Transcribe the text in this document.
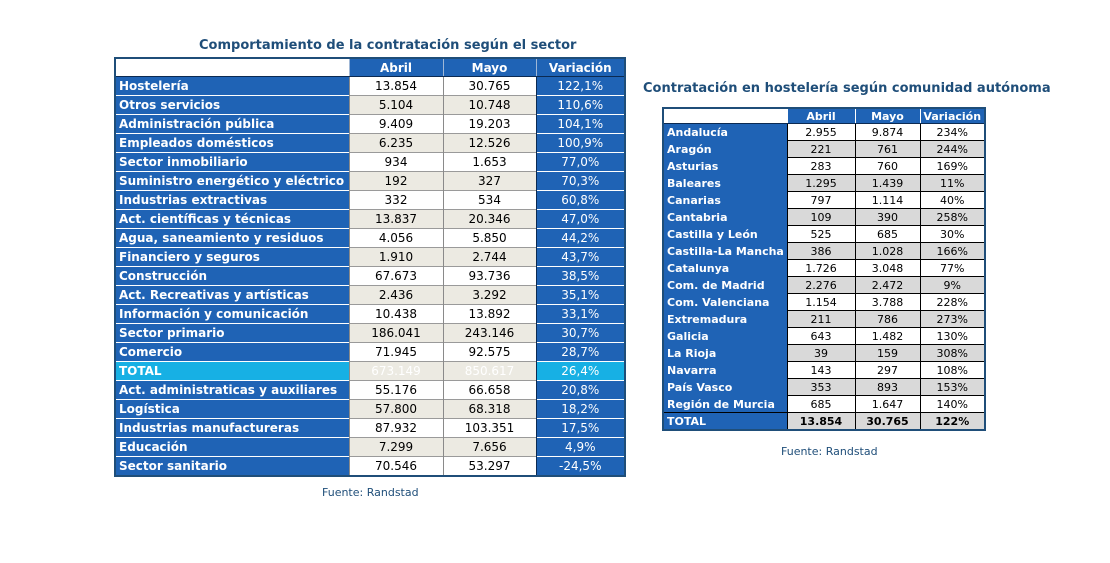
Comportamiento de la contratación según el sector
	Abril	Mayo	Variación
Hostelería	13.854	30.765	122,1%
Otros servicios	5.104	10.748	110,6%
Administración pública	9.409	19.203	104,1%
Empleados domésticos	6.235	12.526	100,9%
Sector inmobiliario	934	1.653	77,0%
Suministro energético y eléctrico	192	327	70,3%
Industrias extractivas	332	534	60,8%
Act. científicas y técnicas	13.837	20.346	47,0%
Agua, saneamiento y residuos	4.056	5.850	44,2%
Financiero y seguros	1.910	2.744	43,7%
Construcción	67.673	93.736	38,5%
Act. Recreativas y artísticas	2.436	3.292	35,1%
Información y comunicación	10.438	13.892	33,1%
Sector primario	186.041	243.146	30,7%
Comercio	71.945	92.575	28,7%
TOTAL	673.149	850.617	26,4%
Act. administraticas y auxiliares	55.176	66.658	20,8%
Logística	57.800	68.318	18,2%
Industrias manufactureras	87.932	103.351	17,5%
Educación	7.299	7.656	4,9%
Sector sanitario	70.546	53.297	-24,5%
Fuente: Randstad
Contratación en hostelería según comunidad autónoma
	Abril	Mayo	Variación
Andalucía	2.955	9.874	234%
Aragón	221	761	244%
Asturias	283	760	169%
Baleares	1.295	1.439	11%
Canarias	797	1.114	40%
Cantabria	109	390	258%
Castilla y León	525	685	30%
Castilla-La Mancha	386	1.028	166%
Catalunya	1.726	3.048	77%
Com. de Madrid	2.276	2.472	9%
Com. Valenciana	1.154	3.788	228%
Extremadura	211	786	273%
Galicia	643	1.482	130%
La Rioja	39	159	308%
Navarra	143	297	108%
País Vasco	353	893	153%
Región de Murcia	685	1.647	140%
TOTAL	13.854	30.765	122%
Fuente: Randstad
